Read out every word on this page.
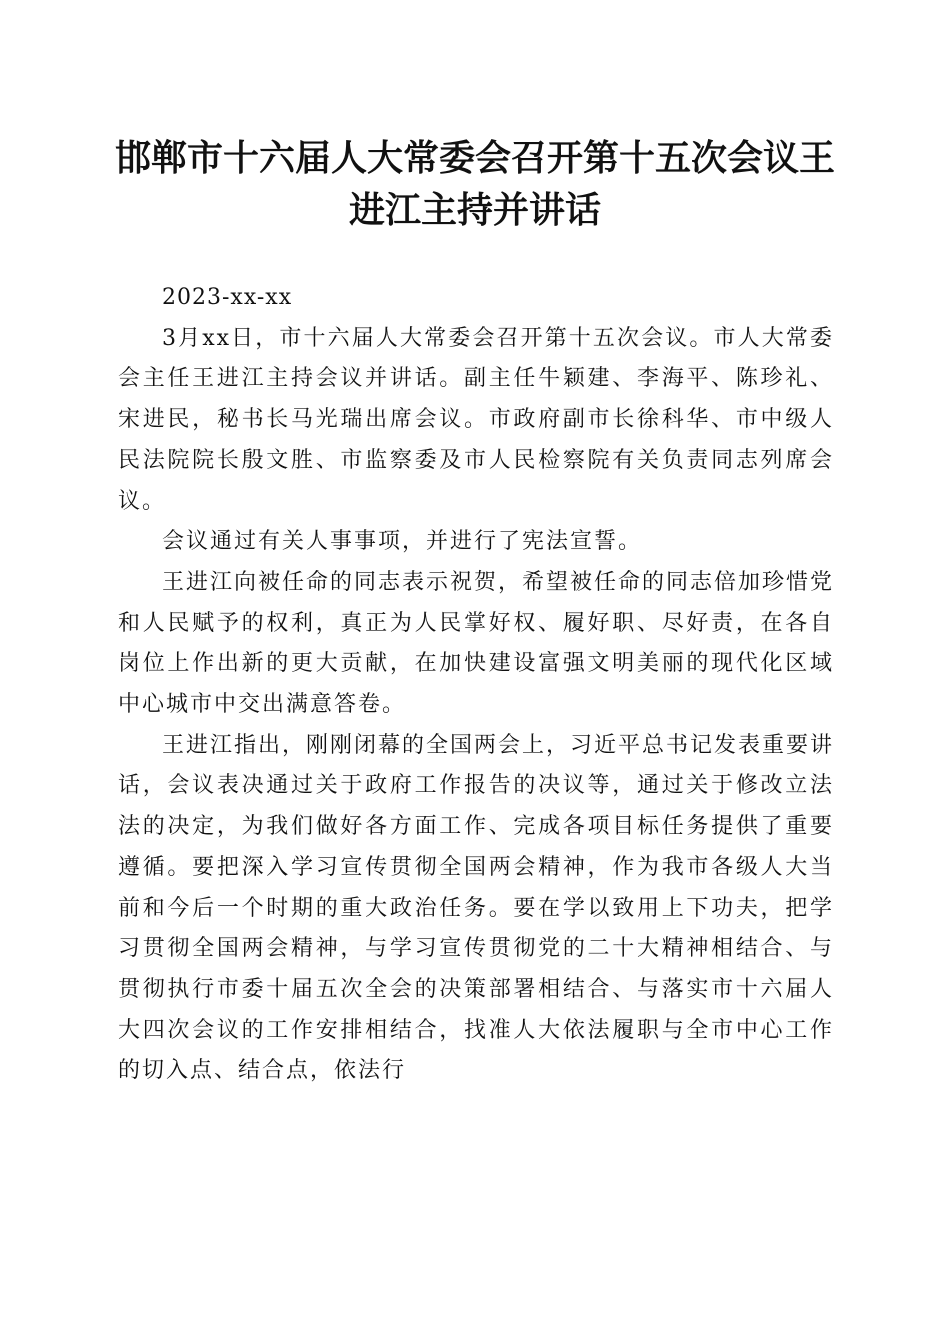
邯郸市十六届人大常委会召开第十五次会议王进江主持并讲话

2023-xx-xx

3月xx日，市十六届人大常委会召开第十五次会议。市人大常委会主任王进江主持会议并讲话。副主任牛颖建、李海平、陈珍礼、宋进民，秘书长马光瑞出席会议。市政府副市长徐科华、市中级人民法院院长殷文胜、市监察委及市人民检察院有关负责同志列席会议。

会议通过有关人事事项，并进行了宪法宣誓。

王进江向被任命的同志表示祝贺，希望被任命的同志倍加珍惜党和人民赋予的权利，真正为人民掌好权、履好职、尽好责，在各自岗位上作出新的更大贡献，在加快建设富强文明美丽的现代化区域中心城市中交出满意答卷。

王进江指出，刚刚闭幕的全国两会上，习近平总书记发表重要讲话，会议表决通过关于政府工作报告的决议等，通过关于修改立法法的决定，为我们做好各方面工作、完成各项目标任务提供了重要遵循。要把深入学习宣传贯彻全国两会精神，作为我市各级人大当前和今后一个时期的重大政治任务。要在学以致用上下功夫，把学习贯彻全国两会精神，与学习宣传贯彻党的二十大精神相结合、与贯彻执行市委十届五次全会的决策部署相结合、与落实市十六届人大四次会议的工作安排相结合，找准人大依法履职与全市中心工作的切入点、结合点，依法行
